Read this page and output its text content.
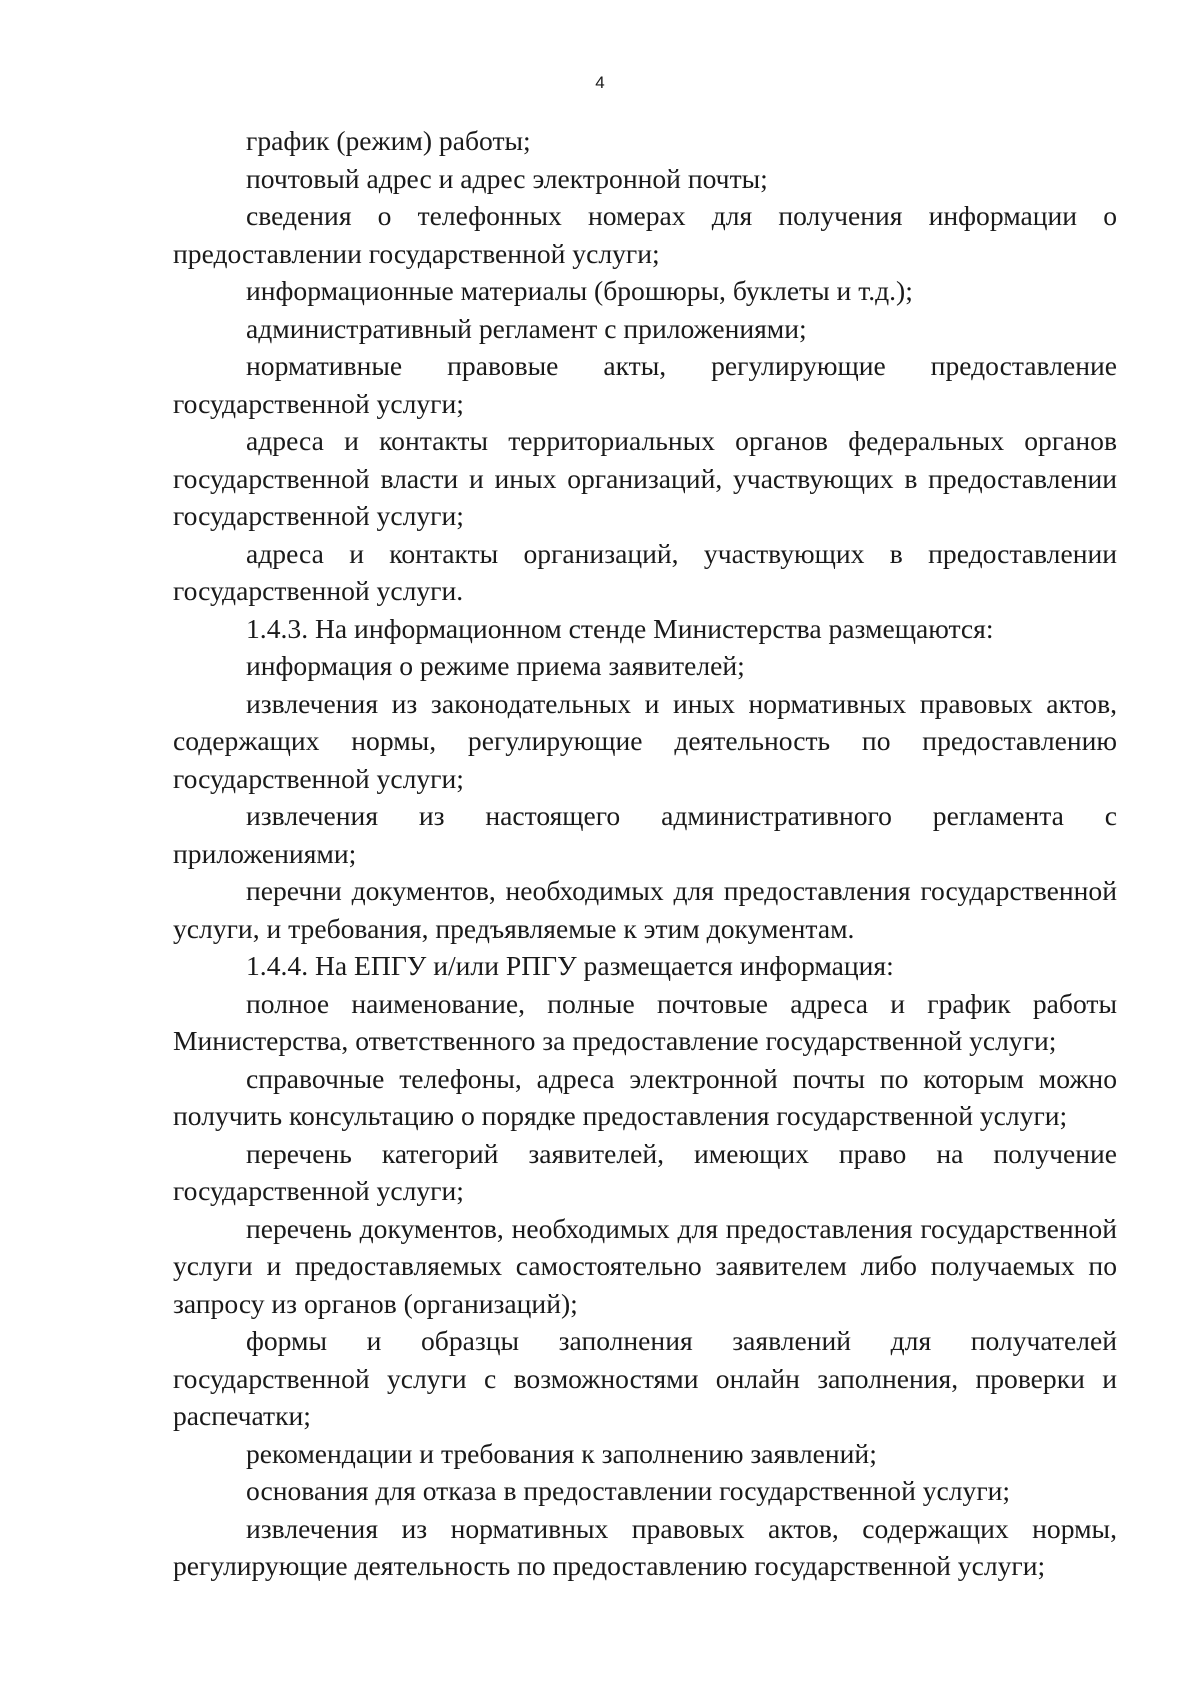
4

график (режим) работы;

почтовый адрес и адрес электронной почты;

сведения о телефонных номерах для получения информации о предоставлении государственной услуги;

информационные материалы (брошюры, буклеты и т.д.);

административный регламент с приложениями;

нормативные правовые акты, регулирующие предоставление государственной услуги;

адреса и контакты территориальных органов федеральных органов государственной власти и иных организаций, участвующих в предоставлении государственной услуги;

адреса и контакты организаций, участвующих в предоставлении государственной услуги.

1.4.3. На информационном стенде Министерства размещаются:

информация о режиме приема заявителей;

извлечения из законодательных и иных нормативных правовых актов, содержащих нормы, регулирующие деятельность по предоставлению государственной услуги;

извлечения из настоящего административного регламента с приложениями;

перечни документов, необходимых для предоставления государственной услуги, и требования, предъявляемые к этим документам.

1.4.4. На ЕПГУ и/или РПГУ размещается информация:

полное наименование, полные почтовые адреса и график работы Министерства, ответственного за предоставление государственной услуги;

справочные телефоны, адреса электронной почты по которым можно получить консультацию о порядке предоставления государственной услуги;

перечень категорий заявителей, имеющих право на получение государственной услуги;

перечень документов, необходимых для предоставления государственной услуги и предоставляемых самостоятельно заявителем либо получаемых по запросу из органов (организаций);

формы и образцы заполнения заявлений для получателей государственной услуги с возможностями онлайн заполнения, проверки и распечатки;

рекомендации и требования к заполнению заявлений;

основания для отказа в предоставлении государственной услуги;

извлечения из нормативных правовых актов, содержащих нормы, регулирующие деятельность по предоставлению государственной услуги;
